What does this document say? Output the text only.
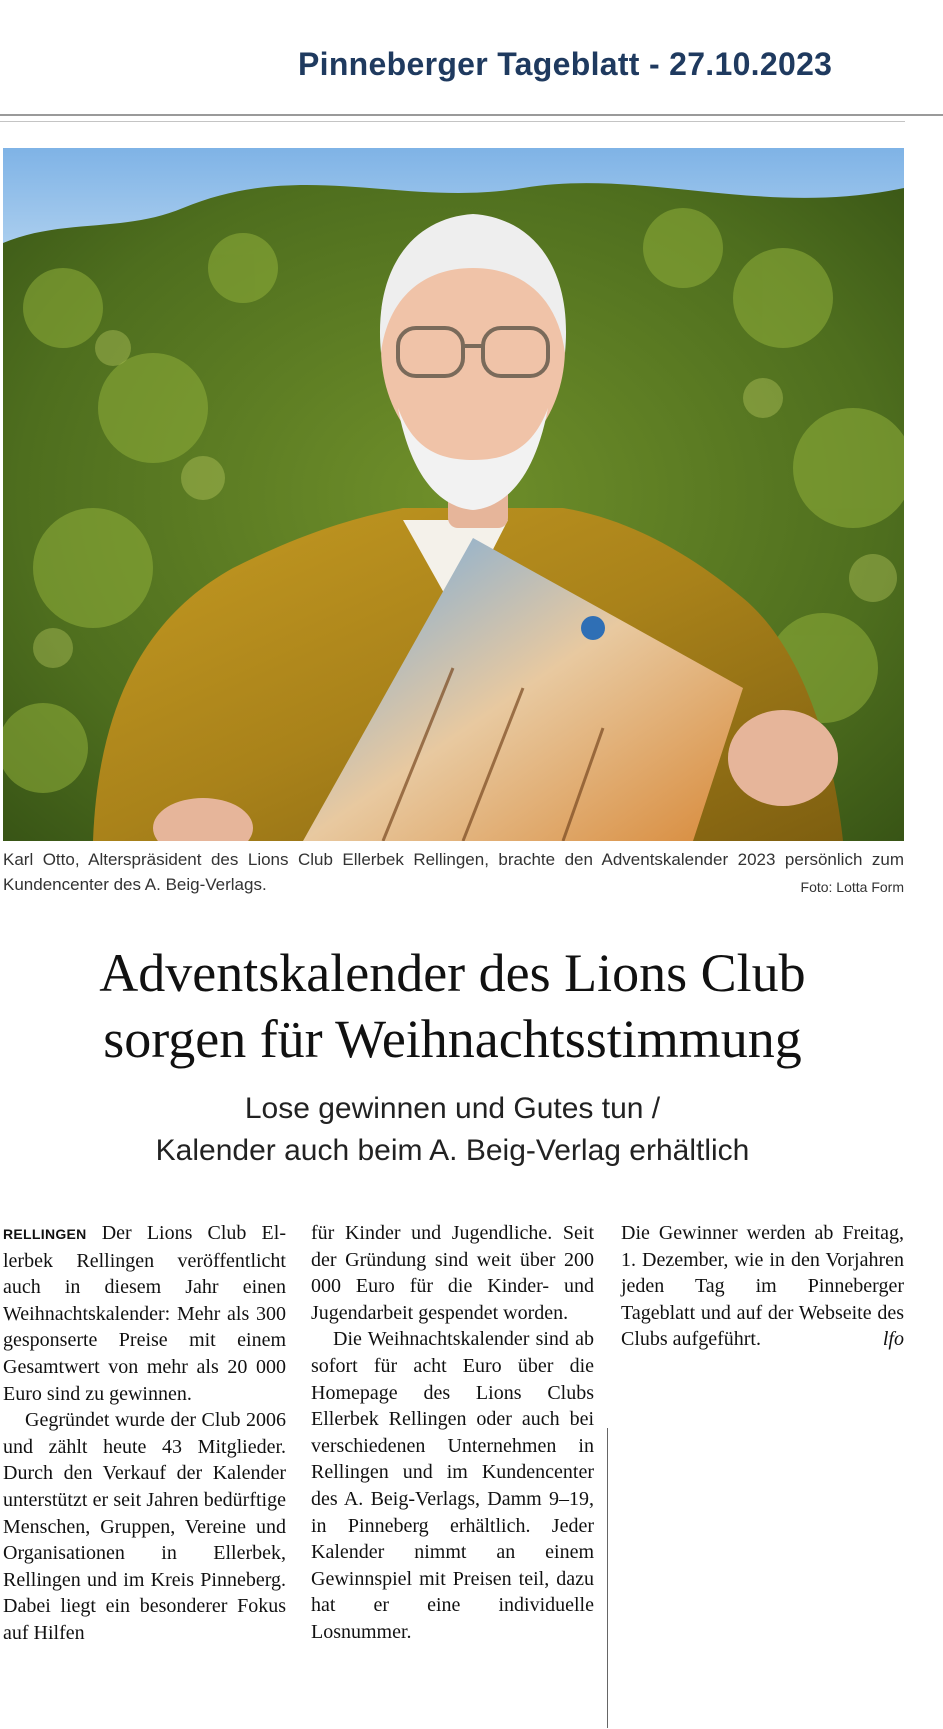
Pinneberger Tageblatt - 27.10.2023
Karl Otto, Alterspräsident des Lions Club Ellerbek Rellingen, brachte den Adventskalender 2023 persönlich zum Kundencenter des A. Beig-Verlags.	Foto: Lotta Form
Adventskalender des Lions Club
sorgen für Weihnachtsstimmung
Lose gewinnen und Gutes tun /
Kalender auch beim A. Beig-Verlag erhältlich

RELLINGEN Der Lions Club Ellerbek Rellingen veröffentlicht auch in diesem Jahr einen Weihnachtskalender: Mehr als 300 gesponserte Preise mit einem Gesamtwert von mehr als 20 000 Euro sind zu gewinnen.

Gegründet wurde der Club 2006 und zählt heute 43 Mitglieder. Durch den Verkauf der Kalender unterstützt er seit Jahren bedürftige Menschen, Gruppen, Vereine und Organisationen in Ellerbek, Rellingen und im Kreis Pinneberg. Dabei liegt ein besonderer Fokus auf Hilfen

für Kinder und Jugendliche. Seit der Gründung sind weit über 200 000 Euro für die Kinder- und Jugendarbeit gespendet worden.

Die Weihnachtskalender sind ab sofort für acht Euro über die Homepage des Lions Clubs Ellerbek Rellingen oder auch bei verschiedenen Unternehmen in Rellingen und im Kundencenter des A. Beig-Verlags, Damm 9–19, in Pinneberg erhältlich. Jeder Kalender nimmt an einem Gewinnspiel mit Preisen teil, dazu hat er eine individuelle Losnummer.

Die Gewinner werden ab Freitag, 1. Dezember, wie in den Vorjahren jeden Tag im Pinneberger Tageblatt und auf der Webseite des Clubs aufgeführt.	lfo
